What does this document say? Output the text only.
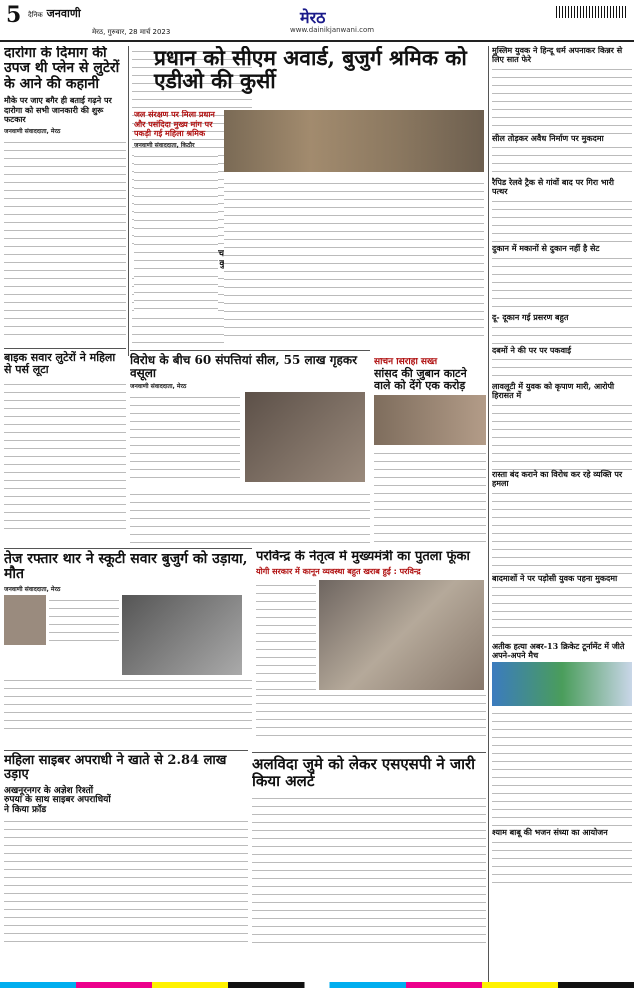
5 दैनिक जनवाणी
मेरठ, गुरुवार, 28 मार्च 2023
मेरठ
www.dainikjanwani.com
दारोगा के दिमाग की उपज थी प्लेन से लुटेरों के आने की कहानी
मौके पर जाए बगैर ही बताई गढ़ने पर दारोगा को सभी जानकारी की शुरू फटकार
जनवाणी संवाददाता, मेरठ
बाइक सवार लुटेरों ने महिला से पर्स लूटा
प्रधान को सीएम अवार्ड, बुजुर्ग श्रमिक को एडीओ की कुर्सी
जल संरक्षण पर मिला प्रधान और पसंदिदा मुख्य मांग पर पकड़ी गई महिला श्रमिक
जनवाणी संवाददाता, किठौर
मुस्लिम युवक ने हिन्दू धर्म अपनाकर किन्नर से लिए सात फेरे
सील तोड़कर अवैध निर्माण पर मुकदमा
रैपिड रेलवे ट्रैक से गांवों बाद पर गिरा भारी पत्थर
दुकान में मकानों से दुकान नहीं है सेट
दू- दूकान गई प्रसरण बहुत
दबमों ने की पर पर पकवाई
लावलूटी में युवक को कृपाण मारी, आरोपी हिरासत में
रास्ता बंद कराने का विरोध कर रहे व्यक्ति पर हमला
बादमाशों ने पर पड़ोसी युवक पहना मुकदमा
अतीक हत्या अबर-13 क्रिकेट टूर्नामेंट में जीते अपने-अपने मैच
श्याम बाबू की भजन संध्या का आयोजन
विरोध के बीच 60 संपत्तियां सील, 55 लाख गृहकर वसूला
जनवाणी संवाददाता, मेरठ

सचिन सिरोही सख्त
सांसद की जुबान काटने वाले को देंगे एक करोड़
तेज रफ्तार थार ने स्कूटी सवार बुजुर्ग को उड़ाया, मौत
जनवाणी संवाददाता, मेरठ
परविन्द्र के नेतृत्व में मुख्यमंत्री का पुतला फूंका
योगी सरकार में कानून व्यवस्था बहुत खराब हुई : परविन्द्र
महिला साइबर अपराधी ने खाते से 2.84 लाख उड़ाए
अखनूरनगर के अज्ञेश रिश्तों रुपया के साथ साइबर अपराधियों ने किया फ्रॉड
अलविदा जुमे को लेकर एसएसपी ने जारी किया अलर्ट
